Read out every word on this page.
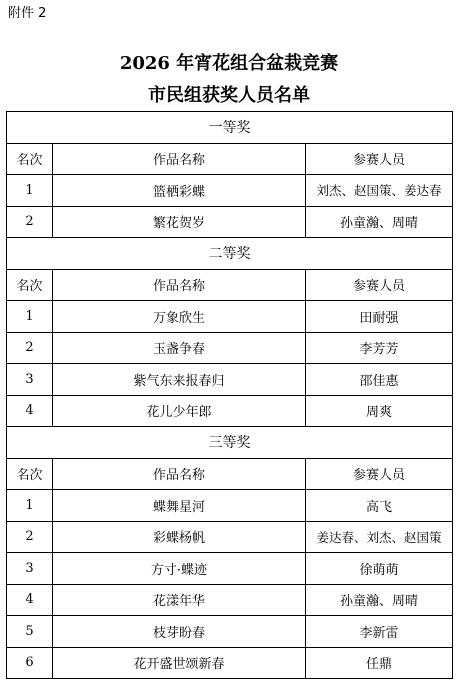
附件 2
2026 年宵花组合盆栽竞赛
市民组获奖人员名单
一等奖		
名次	作品名称	参赛人员
1	篮栖彩蝶	刘杰、赵国策、姜达春
2	繁花贺岁	孙童瀚、周晴
二等奖		
名次	作品名称	参赛人员
1	万象欣生	田耐强
2	玉盏争春	李芳芳
3	紫气东来报春归	邵佳惠
4	花儿少年郎	周爽
三等奖		
名次	作品名称	参赛人员
1	蝶舞星河	高飞
2	彩蝶杨帆	姜达春、刘杰、赵国策
3	方寸·蝶迹	徐萌萌
4	花漾年华	孙童瀚、周晴
5	枝芽盼春	李新雷
6	花开盛世颂新春	任鼎
